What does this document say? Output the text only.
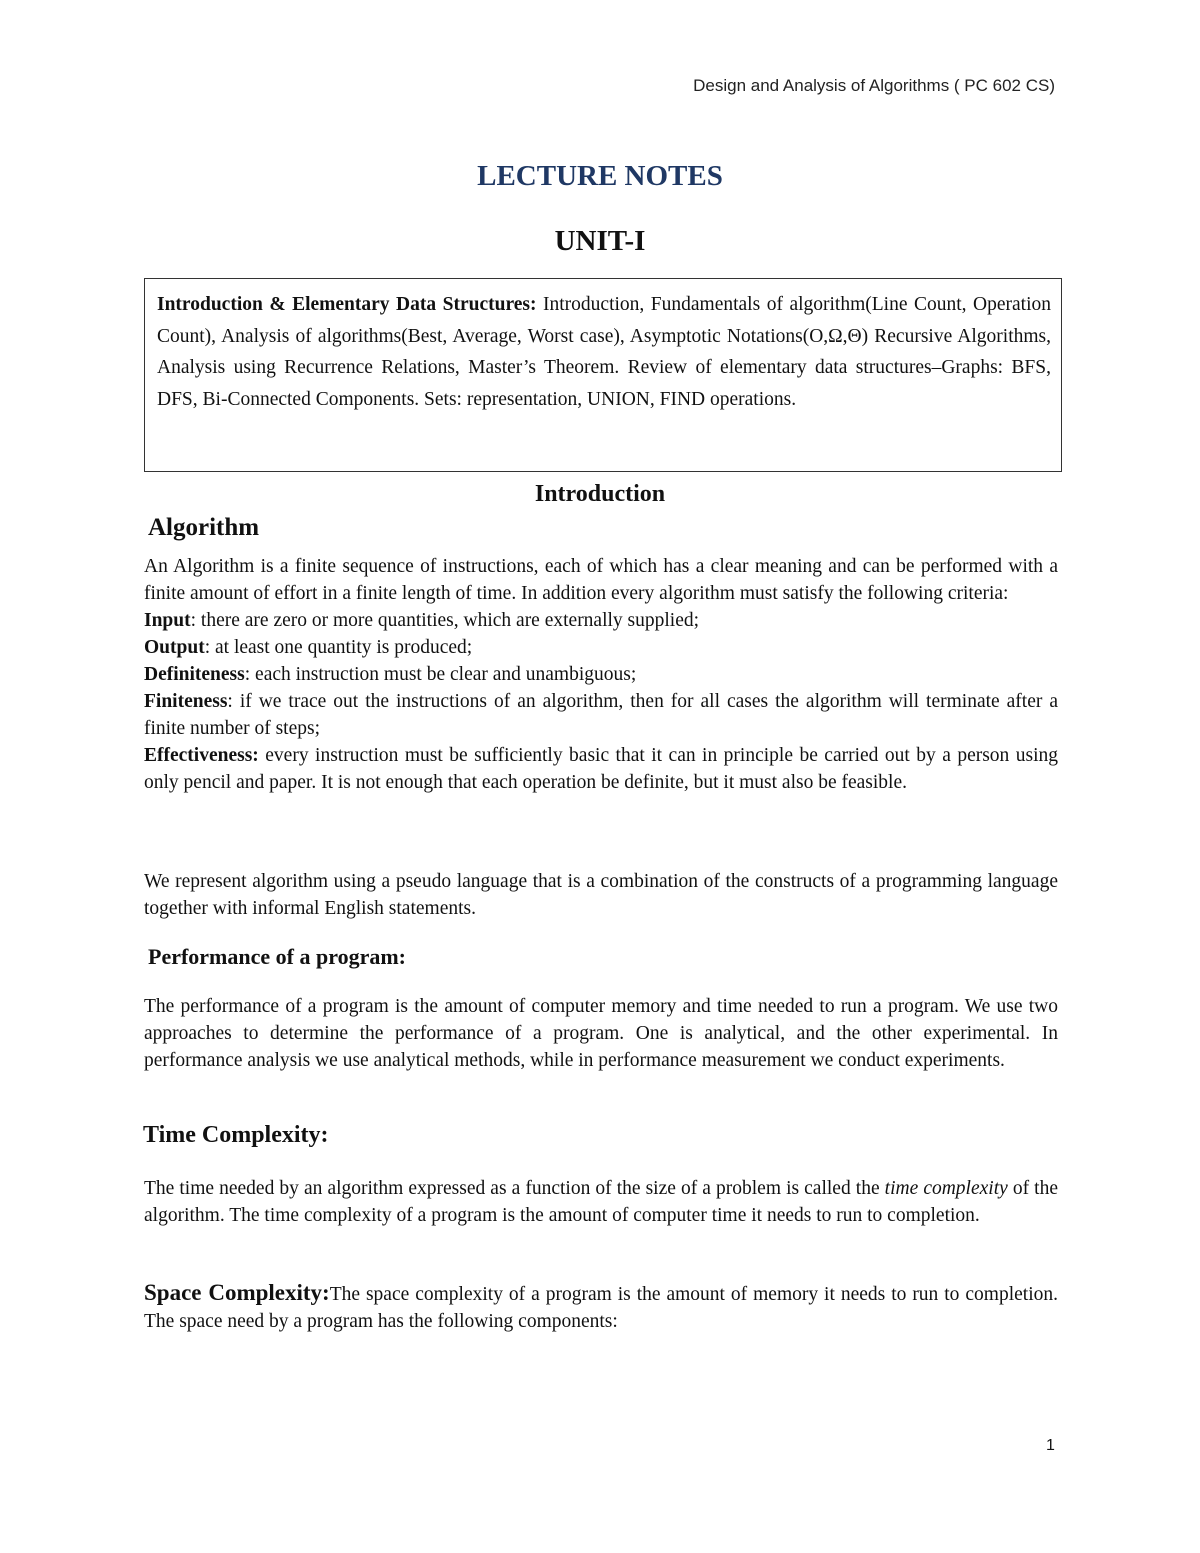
Design and Analysis of Algorithms ( PC 602 CS)
LECTURE NOTES
UNIT-I
Introduction & Elementary Data Structures: Introduction, Fundamentals of algorithm(Line Count, Operation Count), Analysis of algorithms(Best, Average, Worst case), Asymptotic Notations(O,Ω,Θ) Recursive Algorithms, Analysis using Recurrence Relations, Master’s Theorem. Review of elementary data structures–Graphs: BFS, DFS, Bi-Connected Components. Sets: representation, UNION, FIND operations.
Introduction
Algorithm

An Algorithm is a finite sequence of instructions, each of which has a clear meaning and can be performed with a finite amount of effort in a finite length of time. In addition every algorithm must satisfy the following criteria:

Input: there are zero or more quantities, which are externally supplied;

Output: at least one quantity is produced;

Definiteness: each instruction must be clear and unambiguous;

Finiteness: if we trace out the instructions of an algorithm, then for all cases the algorithm will terminate after a finite number of steps;

Effectiveness: every instruction must be sufficiently basic that it can in principle be carried out by a person using only pencil and paper. It is not enough that each operation be definite, but it must also be feasible.

We represent algorithm using a pseudo language that is a combination of the constructs of a programming language together with informal English statements.

Performance of a program:

The performance of a program is the amount of computer memory and time needed to run a program. We use two approaches to determine the performance of a program. One is analytical, and the other experimental. In performance analysis we use analytical methods, while in performance measurement we conduct experiments.

Time Complexity:

The time needed by an algorithm expressed as a function of the size of a problem is called the time complexity of the algorithm. The time complexity of a program is the amount of computer time it needs to run to completion.

Space Complexity:The space complexity of a program is the amount of memory it needs to run to completion. The space need by a program has the following components:

1
